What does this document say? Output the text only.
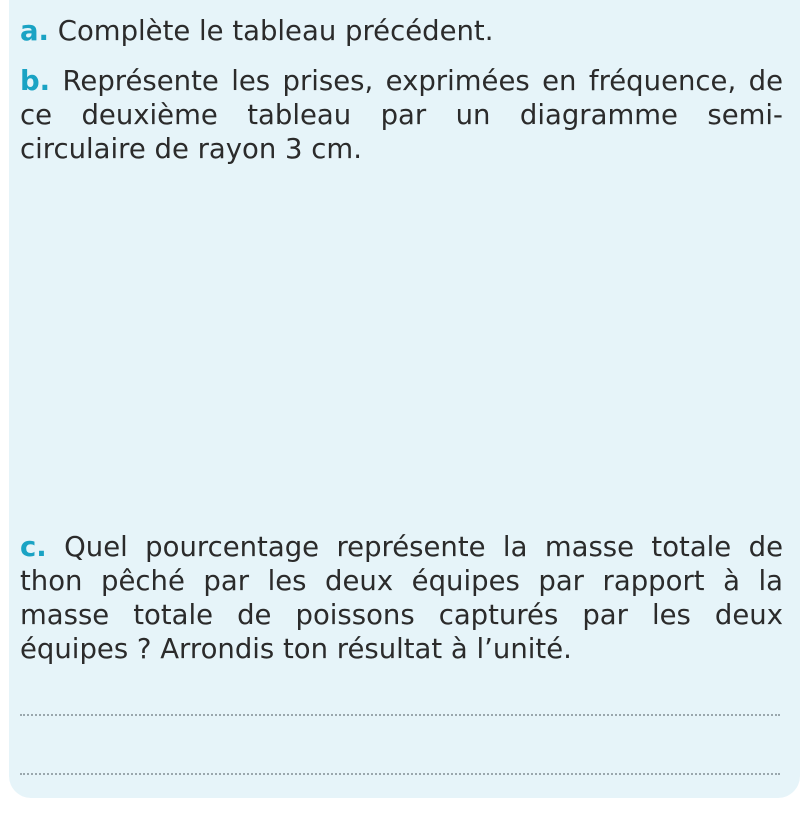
a. Complète le tableau précédent.

b. Représente les prises, exprimées en fréquence, de ce deuxième tableau par un diagramme semi-circulaire de rayon 3 cm.

c. Quel pourcentage représente la masse totale de thon pêché par les deux équipes par rapport à la masse totale de poissons capturés par les deux équipes ? Arrondis ton résultat à l’unité.
